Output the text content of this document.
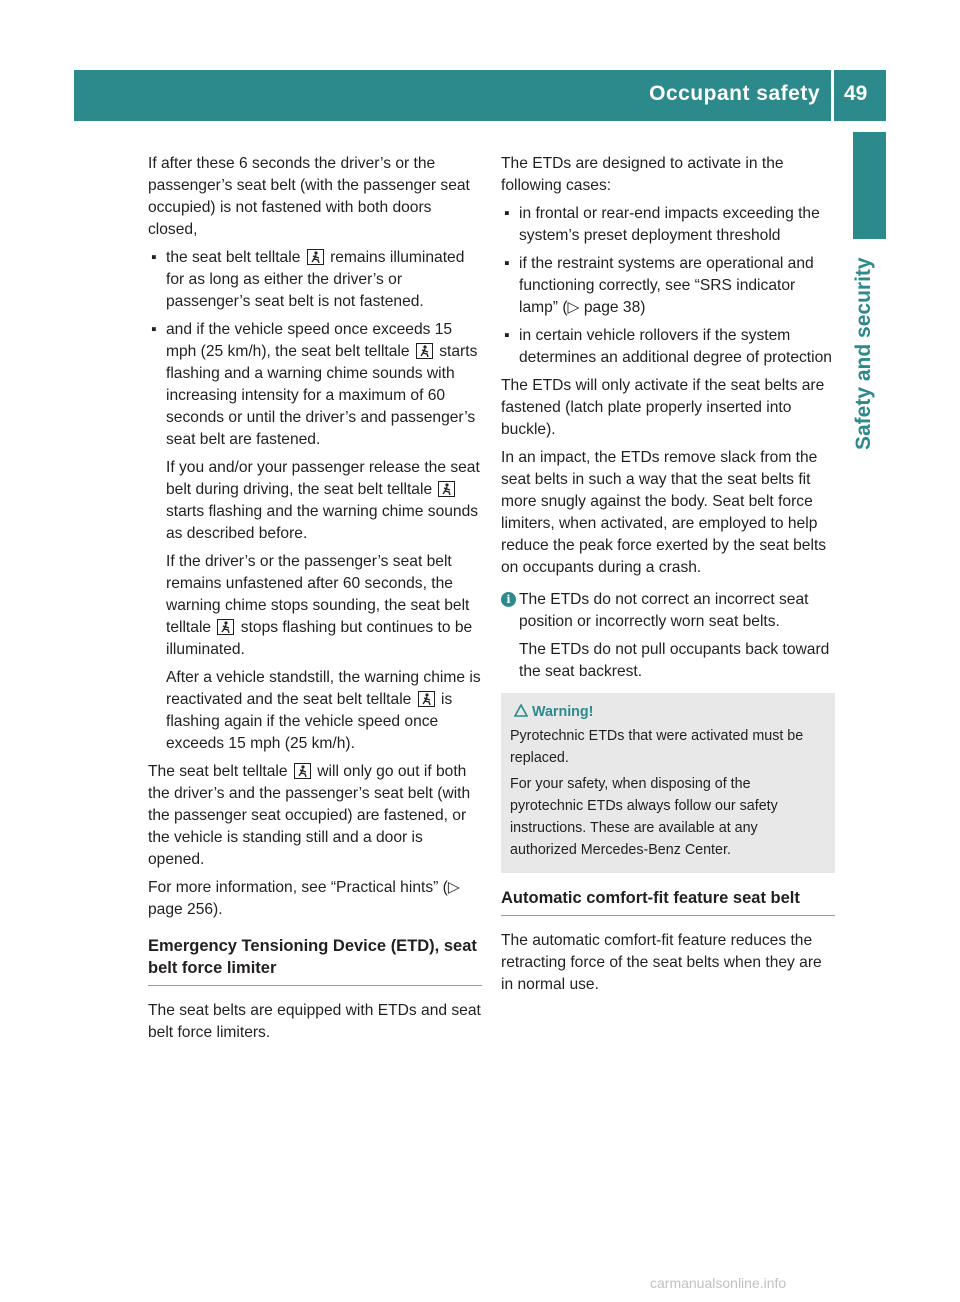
Occupant safety 49
Safety and security

If after these 6 seconds the driver’s or the passenger’s seat belt (with the passenger seat occupied) is not fastened with both doors closed,

▪ the seat belt telltale remains illuminated for as long as either the driver’s or passenger’s seat belt is not fastened.
▪ and if the vehicle speed once exceeds 15 mph (25 km/h), the seat belt telltale starts flashing and a warning chime sounds with increasing intensity for a maximum of 60 seconds or until the driver’s and passenger’s seat belt are fastened.
If you and/or your passenger release the seat belt during driving, the seat belt telltale
starts flashing and the warning chime sounds as described before.
If the driver’s or the passenger’s seat belt remains unfastened after 60 seconds, the warning chime stops sounding, the seat belt telltale stops flashing but continues to be illuminated.
After a vehicle standstill, the warning chime is reactivated and the seat belt telltale is flashing again if the vehicle speed once exceeds 15 mph (25 km/h).

The seat belt telltale will only go out if both the driver’s and the passenger’s seat belt (with the passenger seat occupied) are fastened, or the vehicle is standing still and a door is opened.

For more information, see “Practical hints” (▷ page 256).

Emergency Tensioning Device (ETD), seat belt force limiter

The seat belts are equipped with ETDs and seat belt force limiters.

The ETDs are designed to activate in the following cases:

▪ in frontal or rear-end impacts exceeding the system’s preset deployment threshold
▪ if the restraint systems are operational and functioning correctly, see “SRS indicator lamp” (▷ page 38)
▪ in certain vehicle rollovers if the system determines an additional degree of protection

The ETDs will only activate if the seat belts are fastened (latch plate properly inserted into buckle).

In an impact, the ETDs remove slack from the seat belts in such a way that the seat belts fit more snugly against the body. Seat belt force limiters, when activated, are employed to help reduce the peak force exerted by the seat belts on occupants during a crash.

i The ETDs do not correct an incorrect seat position or incorrectly worn seat belts.

The ETDs do not pull occupants back toward the seat backrest.

Warning!

Pyrotechnic ETDs that were activated must be replaced.

For your safety, when disposing of the pyrotechnic ETDs always follow our safety instructions. These are available at any authorized Mercedes-Benz Center.

Automatic comfort-fit feature seat belt

The automatic comfort-fit feature reduces the retracting force of the seat belts when they are in normal use.

carmanualsonline.info
